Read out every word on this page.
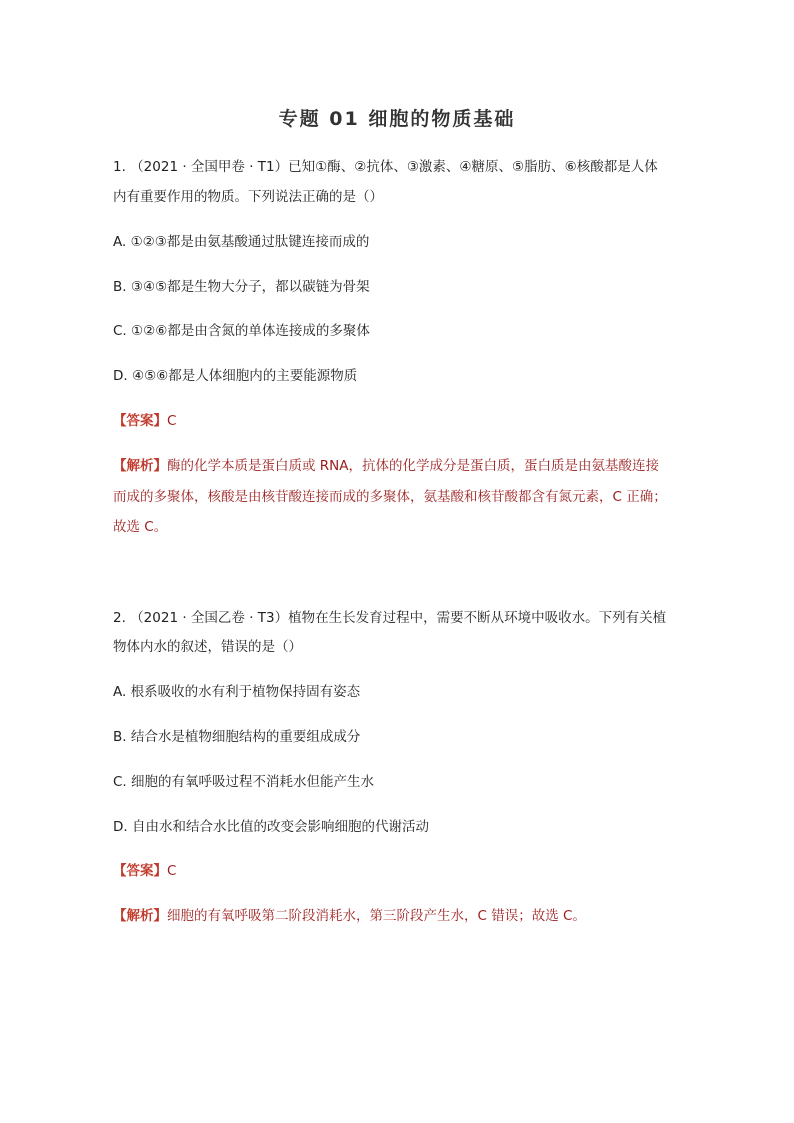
专题 01 细胞的物质基础
1. （2021 · 全国甲卷 · T1）已知①酶、②抗体、③激素、④糖原、⑤脂肪、⑥核酸都是人体
内有重要作用的物质。下列说法正确的是（）
A. ①②③都是由氨基酸通过肽键连接而成的
B. ③④⑤都是生物大分子，都以碳链为骨架
C. ①②⑥都是由含氮的单体连接成的多聚体
D. ④⑤⑥都是人体细胞内的主要能源物质
【答案】C
【解析】酶的化学本质是蛋白质或 RNA，抗体的化学成分是蛋白质，蛋白质是由氨基酸连接
而成的多聚体，核酸是由核苷酸连接而成的多聚体，氨基酸和核苷酸都含有氮元素，C 正确；
故选 C。
2. （2021 · 全国乙卷 · T3）植物在生长发育过程中，需要不断从环境中吸收水。下列有关植
物体内水的叙述，错误的是（）
A. 根系吸收的水有利于植物保持固有姿态
B. 结合水是植物细胞结构的重要组成成分
C. 细胞的有氧呼吸过程不消耗水但能产生水
D. 自由水和结合水比值的改变会影响细胞的代谢活动
【答案】C
【解析】细胞的有氧呼吸第二阶段消耗水，第三阶段产生水，C 错误；故选 C。
